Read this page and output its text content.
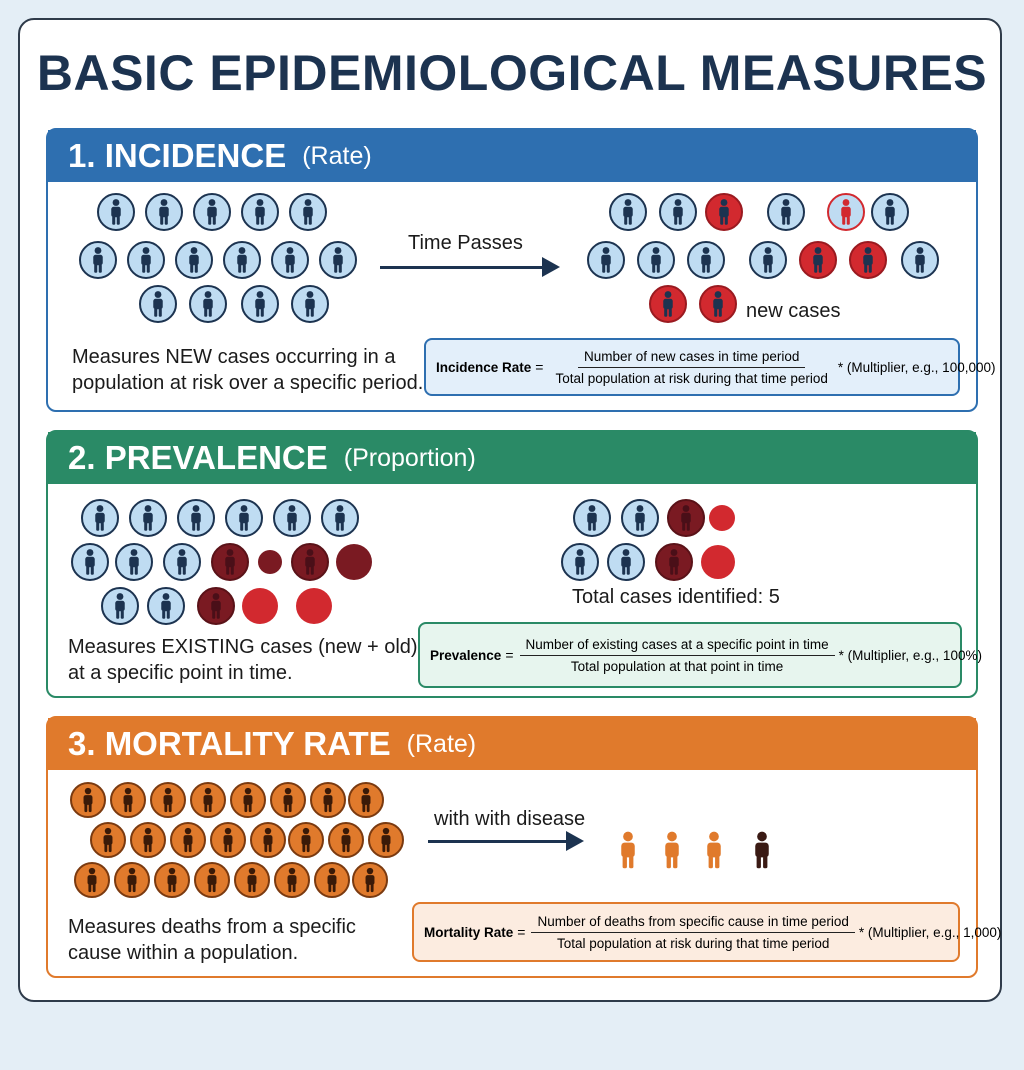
BASIC EPIDEMIOLOGICAL MEASURES
1. INCIDENCE (Rate)
Time Passes
new cases

Measures NEW cases occurring in a
population at risk over a specific period.

Incidence Rate = $\frac{\text{Number of new cases in time period}}{\text{Total population at risk during that time period}}$ * (Multiplier, e.g., 100,000)
2. PREVALENCE (Proportion)
Total cases identified: 5

Measures EXISTING cases (new + old)
at a specific point in time.

Prevalence = $\frac{\text{Number of existing cases at a specific point in time}}{\text{Total population at that point in time}}$ * (Multiplier, e.g., 100%)
3. MORTALITY RATE (Rate)
with with disease

Measures deaths from a specific
cause within a population.

Mortality Rate = $\frac{\text{Number of deaths from specific cause in time period}}{\text{Total population at risk during that time period}}$ * (Multiplier, e.g., 1,000)
